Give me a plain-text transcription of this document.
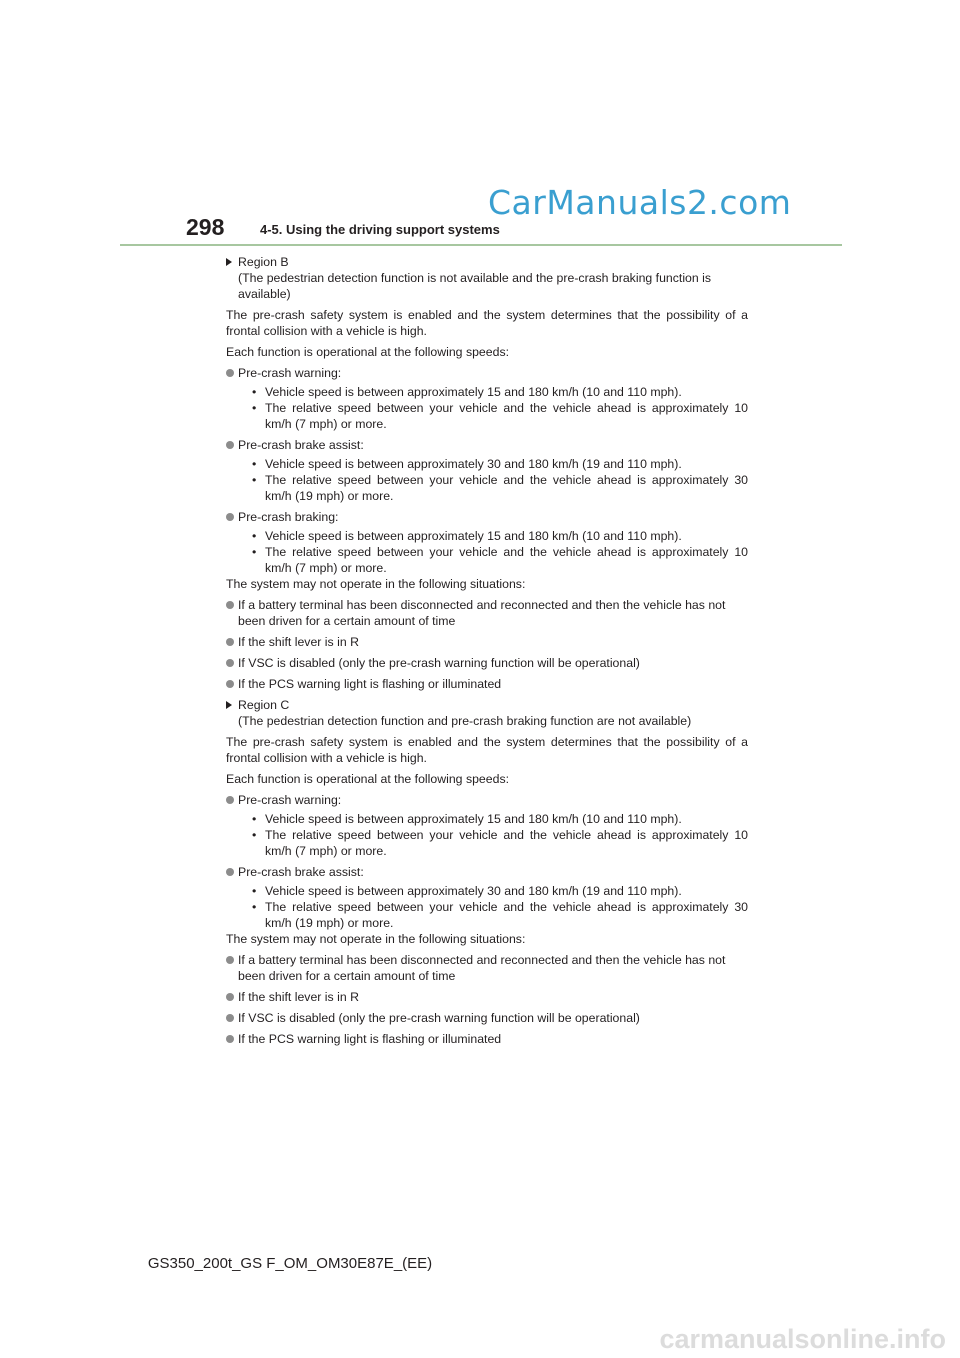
CarManuals2.com
298	4-5. Using the driving support systems
Region B
(The pedestrian detection function is not available and the pre-crash braking function is available)

The pre-crash safety system is enabled and the system determines that the possibility of a frontal collision with a vehicle is high.

Each function is operational at the following speeds:

Pre-crash warning:
• Vehicle speed is between approximately 15 and 180 km/h (10 and 110 mph).
• The relative speed between your vehicle and the vehicle ahead is approximately 10 km/h (7 mph) or more.
Pre-crash brake assist:
• Vehicle speed is between approximately 30 and 180 km/h (19 and 110 mph).
• The relative speed between your vehicle and the vehicle ahead is approximately 30 km/h (19 mph) or more.
Pre-crash braking:
• Vehicle speed is between approximately 15 and 180 km/h (10 and 110 mph).
• The relative speed between your vehicle and the vehicle ahead is approximately 10 km/h (7 mph) or more.

The system may not operate in the following situations:

If a battery terminal has been disconnected and reconnected and then the vehicle has not been driven for a certain amount of time
If the shift lever is in R
If VSC is disabled (only the pre-crash warning function will be operational)
If the PCS warning light is flashing or illuminated
Region C
(The pedestrian detection function and pre-crash braking function are not available)

The pre-crash safety system is enabled and the system determines that the possibility of a frontal collision with a vehicle is high.

Each function is operational at the following speeds:

Pre-crash warning:
• Vehicle speed is between approximately 15 and 180 km/h (10 and 110 mph).
• The relative speed between your vehicle and the vehicle ahead is approximately 10 km/h (7 mph) or more.
Pre-crash brake assist:
• Vehicle speed is between approximately 30 and 180 km/h (19 and 110 mph).
• The relative speed between your vehicle and the vehicle ahead is approximately 30 km/h (19 mph) or more.

The system may not operate in the following situations:

If a battery terminal has been disconnected and reconnected and then the vehicle has not been driven for a certain amount of time
If the shift lever is in R
If VSC is disabled (only the pre-crash warning function will be operational)
If the PCS warning light is flashing or illuminated
GS350_200t_GS F_OM_OM30E87E_(EE)
carmanualsonline.info
